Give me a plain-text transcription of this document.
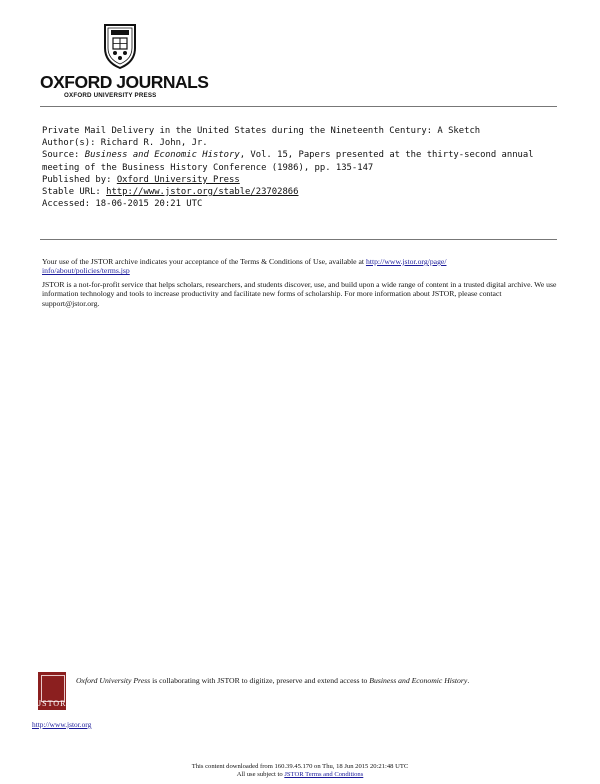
OXFORD JOURNALS
OXFORD UNIVERSITY PRESS
Private Mail Delivery in the United States during the Nineteenth Century: A Sketch
Author(s): Richard R. John, Jr.
Source: Business and Economic History, Vol. 15, Papers presented at the thirty-second annual
meeting of the Business History Conference (1986), pp. 135-147
Published by: Oxford University Press
Stable URL: http://www.jstor.org/stable/23702866
Accessed: 18-06-2015 20:21 UTC
Your use of the JSTOR archive indicates your acceptance of the Terms & Conditions of Use, available at http://www.jstor.org/page/
info/about/policies/terms.jsp
JSTOR is a not-for-profit service that helps scholars, researchers, and students discover, use, and build upon a wide range of content in a trusted digital archive. We use information technology and tools to increase productivity and facilitate new forms of scholarship. For more information about JSTOR, please contact support@jstor.org.
JSTOR
http://www.jstor.org
Oxford University Press is collaborating with JSTOR to digitize, preserve and extend access to Business and Economic History.
This content downloaded from 160.39.45.170 on Thu, 18 Jun 2015 20:21:48 UTC
All use subject to JSTOR Terms and Conditions
